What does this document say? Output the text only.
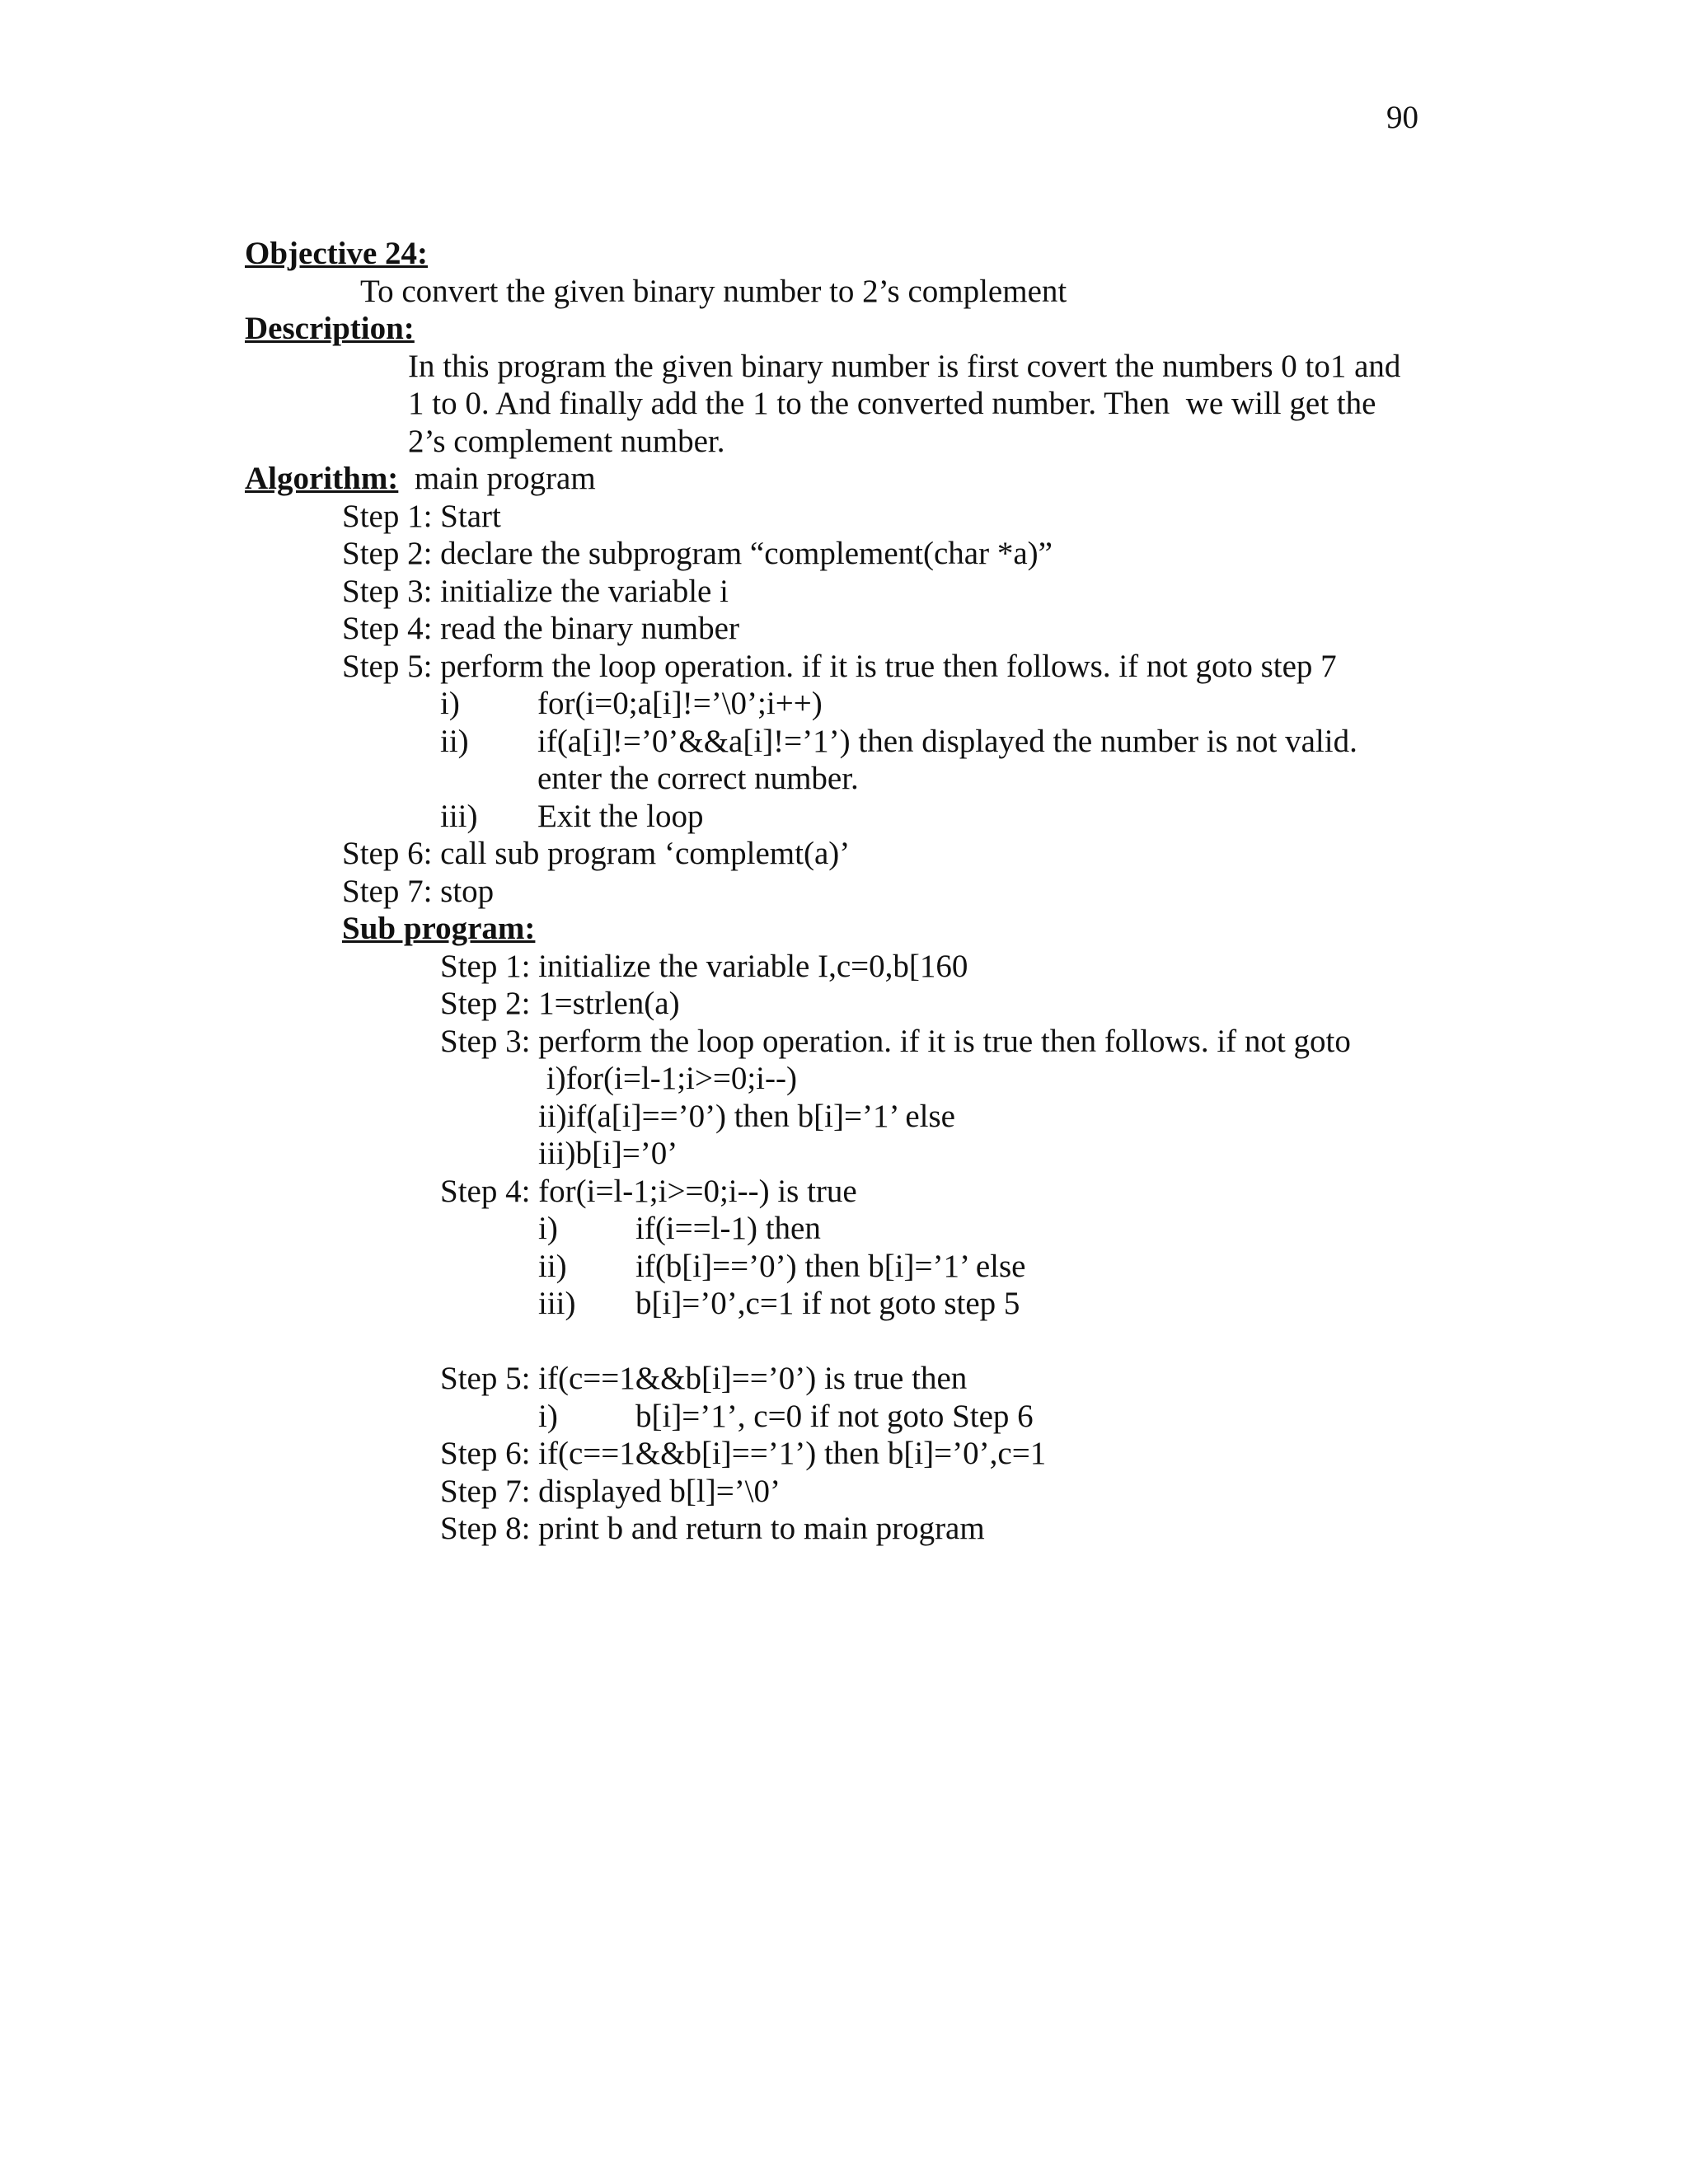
90
Objective 24:
To convert the given binary number to 2’s complement
Description:
In this program the given binary number is first covert the numbers 0 to1 and
1 to 0. And finally add the 1 to the converted number. Then  we will get the
2’s complement number.
Algorithm: main program
Step 1: Start
Step 2: declare the subprogram “complement(char *a)”
Step 3: initialize the variable i
Step 4: read the binary number
Step 5: perform the loop operation. if it is true then follows. if not goto step 7
i) for(i=0;a[i]!=’\0’;i++)
ii) if(a[i]!=’0’&&a[i]!=’1’) then displayed the number is not valid.
enter the correct number.
iii) Exit the loop
Step 6: call sub program ‘complemt(a)’
Step 7: stop
Sub program:
Step 1: initialize the variable I,c=0,b[160
Step 2: 1=strlen(a)
Step 3: perform the loop operation. if it is true then follows. if not goto
i)for(i=l-1;i>=0;i--)
ii)if(a[i]==’0’) then b[i]=’1’ else
iii)b[i]=’0’
Step 4: for(i=l-1;i>=0;i--) is true
i) if(i==l-1) then
ii) if(b[i]==’0’) then b[i]=’1’ else
iii) b[i]=’0’,c=1 if not goto step 5
Step 5: if(c==1&&b[i]==’0’) is true then
i) b[i]=’1’, c=0 if not goto Step 6
Step 6: if(c==1&&b[i]==’1’) then b[i]=’0’,c=1
Step 7: displayed b[l]=’\0’
Step 8: print b and return to main program
